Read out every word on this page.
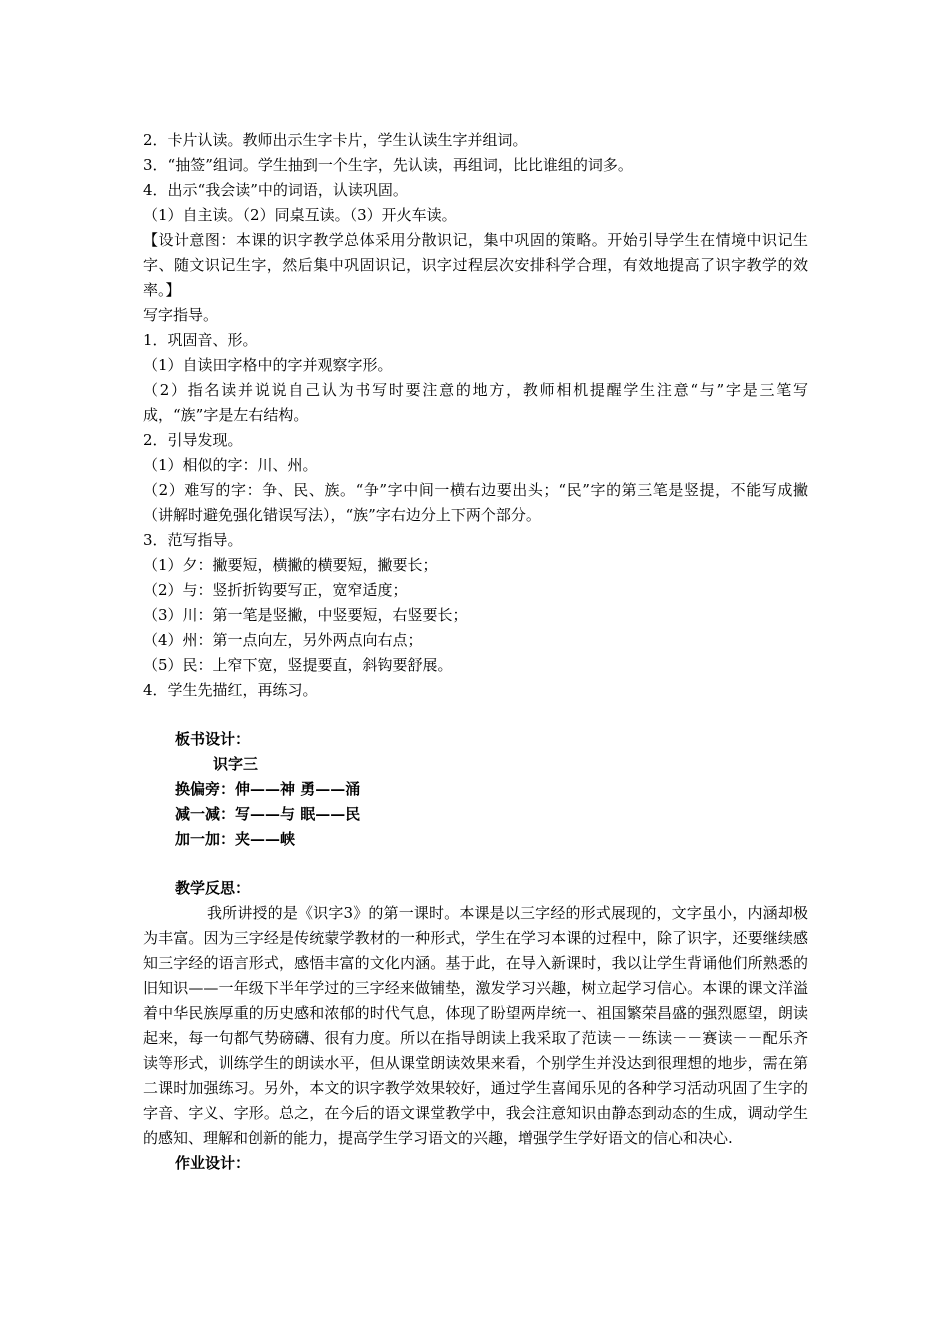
2．卡片认读。教师出示生字卡片，学生认读生字并组词。
3．“抽签”组词。学生抽到一个生字，先认读，再组词，比比谁组的词多。
4．出示“我会读”中的词语，认读巩固。
（1）自主读。（2）同桌互读。（3）开火车读。
【设计意图：本课的识字教学总体采用分散识记，集中巩固的策略。开始引导学生在情境中识记生字、随文识记生字，然后集中巩固识记，识字过程层次安排科学合理，有效地提高了识字教学的效率。】
写字指导。
1．巩固音、形。
（1）自读田字格中的字并观察字形。
（2）指名读并说说自己认为书写时要注意的地方，教师相机提醒学生注意“与”字是三笔写成，“族”字是左右结构。
2．引导发现。
（1）相似的字：川、州。
（2）难写的字：争、民、族。“争”字中间一横右边要出头；“民”字的第三笔是竖提，不能写成撇（讲解时避免强化错误写法），“族”字右边分上下两个部分。
3．范写指导。
（1）夕：撇要短，横撇的横要短，撇要长；
（2）与：竖折折钩要写正，宽窄适度；
（3）川：第一笔是竖撇，中竖要短，右竖要长；
（4）州：第一点向左，另外两点向右点；
（5）民：上窄下宽，竖提要直，斜钩要舒展。
4．学生先描红，再练习。
板书设计：
识字三
换偏旁：伸——神 勇——涌
减一减：写——与 眠——民
加一加：夹——峡
教学反思：
我所讲授的是《识字3》的第一课时。本课是以三字经的形式展现的，文字虽小，内涵却极为丰富。因为三字经是传统蒙学教材的一种形式，学生在学习本课的过程中，除了识字，还要继续感知三字经的语言形式，感悟丰富的文化内涵。基于此，在导入新课时，我以让学生背诵他们所熟悉的旧知识——一年级下半年学过的三字经来做铺垫，激发学习兴趣，树立起学习信心。本课的课文洋溢着中华民族厚重的历史感和浓郁的时代气息，体现了盼望两岸统一、祖国繁荣昌盛的强烈愿望，朗读起来，每一句都气势磅礴、很有力度。所以在指导朗读上我采取了范读－－练读－－赛读－－配乐齐读等形式，训练学生的朗读水平，但从课堂朗读效果来看，个别学生并没达到很理想的地步，需在第二课时加强练习。另外，本文的识字教学效果较好，通过学生喜闻乐见的各种学习活动巩固了生字的字音、字义、字形。总之，在今后的语文课堂教学中，我会注意知识由静态到动态的生成，调动学生的感知、理解和创新的能力，提高学生学习语文的兴趣，增强学生学好语文的信心和决心.
作业设计：
